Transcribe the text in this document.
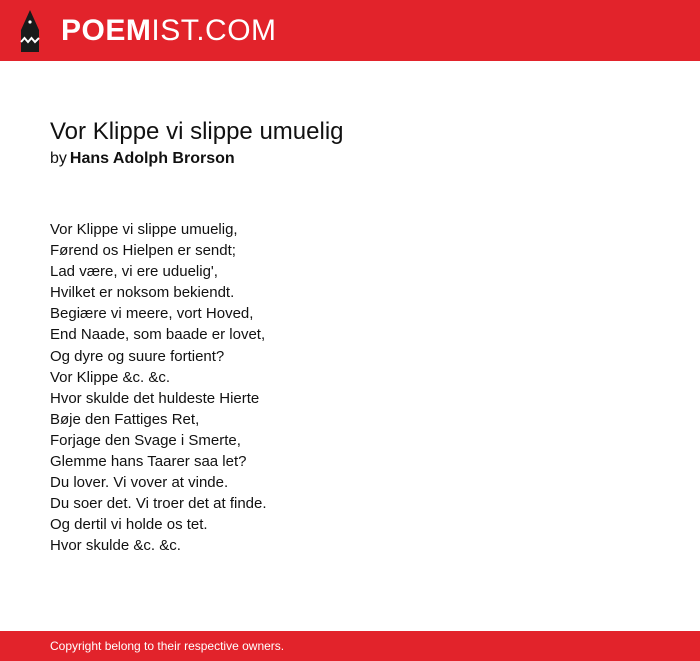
POEMIST.COM
Vor Klippe vi slippe umuelig
by Hans Adolph Brorson
Vor Klippe vi slippe umuelig,
Førend os Hielpen er sendt;
Lad være, vi ere uduelig',
Hvilket er noksom bekiendt.
Begiære vi meere, vort Hoved,
End Naade, som baade er lovet,
Og dyre og suure fortient?
Vor Klippe &c. &c.
Hvor skulde det huldeste Hierte
Bøje den Fattiges Ret,
Forjage den Svage i Smerte,
Glemme hans Taarer saa let?
Du lover. Vi vover at vinde.
Du soer det. Vi troer det at finde.
Og dertil vi holde os tet.
Hvor skulde &c. &c.
Copyright belong to their respective owners.
